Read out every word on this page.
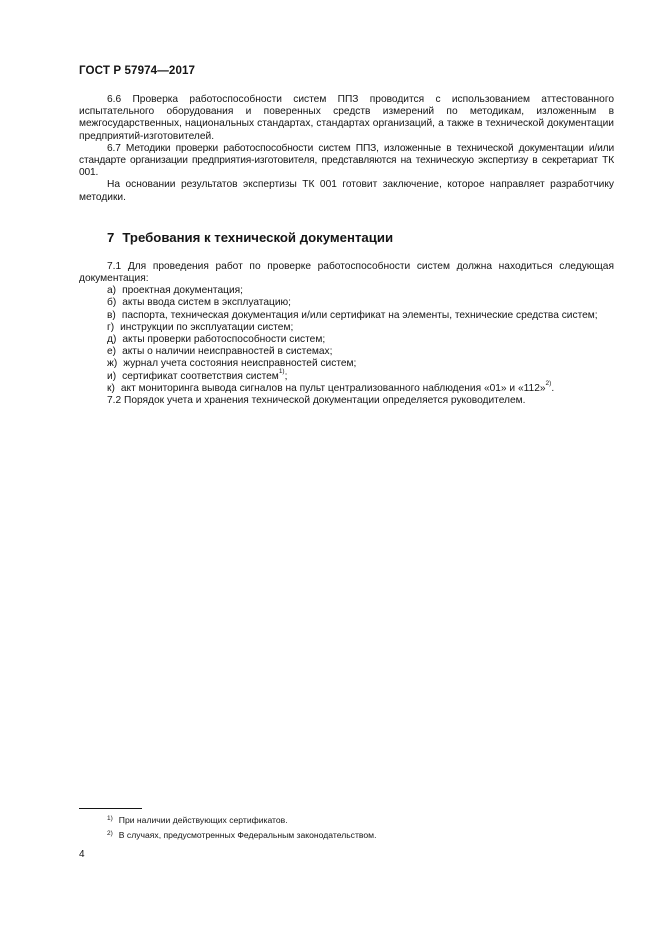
ГОСТ Р 57974—2017

6.6 Проверка работоспособности систем ППЗ проводится с использованием аттестованного испытательного оборудования и поверенных средств измерений по методикам, изложенным в межгосударственных, национальных стандартах, стандартах организаций, а также в технической документации предприятий-изготовителей.

6.7 Методики проверки работоспособности систем ППЗ, изложенные в технической документации и/или стандарте организации предприятия-изготовителя, представляются на техническую экспертизу в секретариат ТК 001.

На основании результатов экспертизы ТК 001 готовит заключение, которое направляет разработчику методики.

7 Требования к технической документации

7.1 Для проведения работ по проверке работоспособности систем должна находиться следующая документация:

а) проектная документация;
б) акты ввода систем в эксплуатацию;
в) паспорта, техническая документация и/или сертификат на элементы, технические средства систем;
г) инструкции по эксплуатации систем;
д) акты проверки работоспособности систем;
е) акты о наличии неисправностей в системах;
ж) журнал учета состояния неисправностей систем;
и) сертификат соответствия систем$^{1)}$;
к) акт мониторинга вывода сигналов на пульт централизованного наблюдения «01» и «112»$^{2)}$.

7.2 Порядок учета и хранения технической документации определяется руководителем.

$^{1)}$ При наличии действующих сертификатов.
$^{2)}$ В случаях, предусмотренных Федеральным законодательством.
4
